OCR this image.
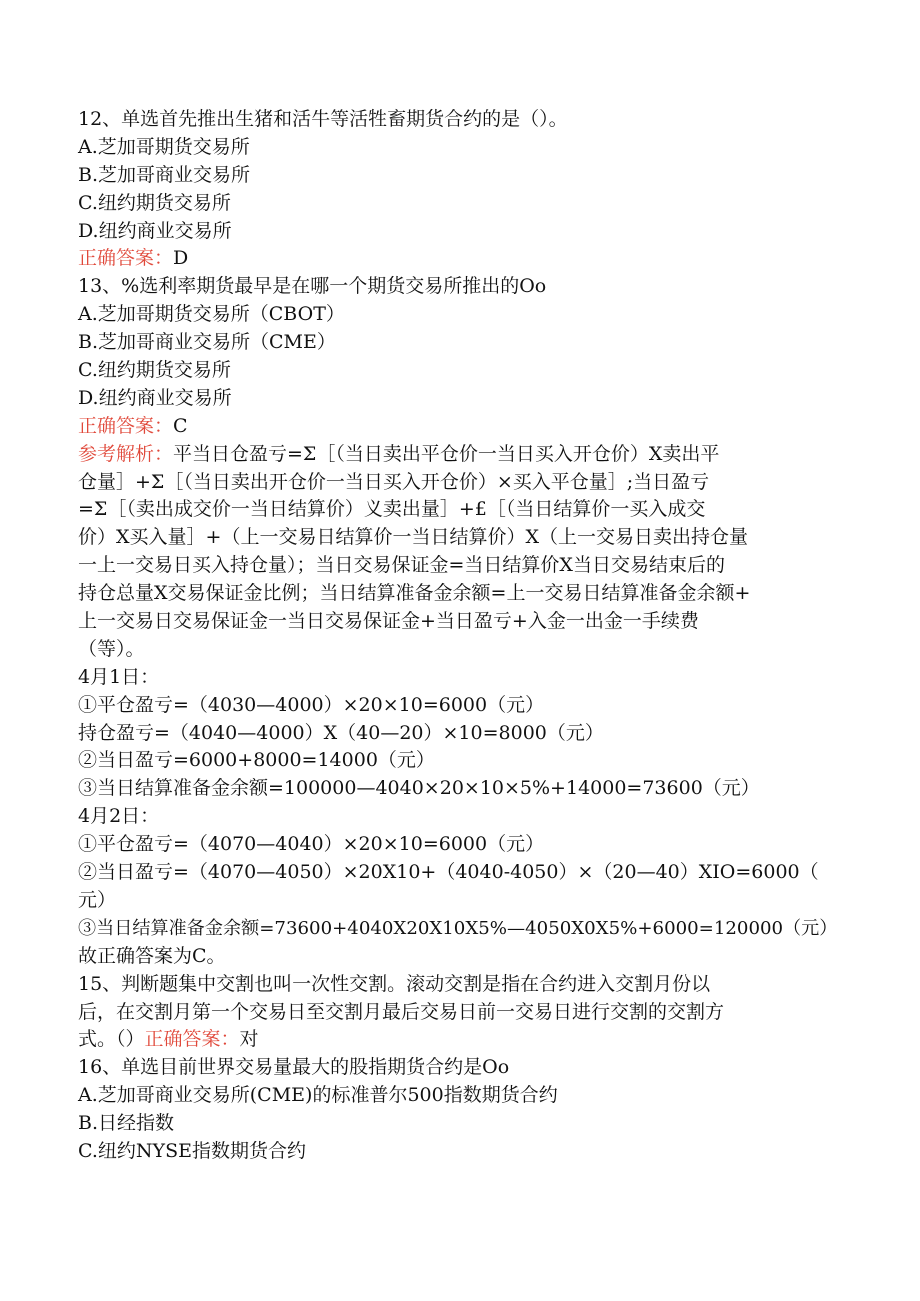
12、单选首先推出生猪和活牛等活牲畜期货合约的是（）。
A.芝加哥期货交易所
B.芝加哥商业交易所
C.纽约期货交易所
D.纽约商业交易所
正确答案：D
13、%选利率期货最早是在哪一个期货交易所推出的Oo
A.芝加哥期货交易所（CBOT）
B.芝加哥商业交易所（CME）
C.纽约期货交易所
D.纽约商业交易所
正确答案：C
参考解析：平当日仓盈亏=Σ［（当日卖出平仓价一当日买入开仓价）X卖出平
仓量］+Σ［（当日卖出开仓价一当日买入开仓价）×买入平仓量］;当日盈亏
=Σ［（卖出成交价一当日结算价）义卖出量］+£［（当日结算价一买入成交
价）X买入量］+（上一交易日结算价一当日结算价）X（上一交易日卖出持仓量
一上一交易日买入持仓量）；当日交易保证金=当日结算价X当日交易结束后的
持仓总量X交易保证金比例；当日结算准备金余额=上一交易日结算准备金余额+
上一交易日交易保证金一当日交易保证金+当日盈亏+入金一出金一手续费
（等）。
4月1日：
①平仓盈亏=（4030—4000）×20×10=6000（元）
持仓盈亏=（4040—4000）X（40—20）×10=8000（元）
②当日盈亏=6000+8000=14000（元）
③当日结算准备金余额=100000—4040×20×10×5%+14000=73600（元）
4月2日：
①平仓盈亏=（4070—4040）×20×10=6000（元）
②当日盈亏=（4070—4050）×20X10+（4040-4050）×（20—40）XIO=6000（
元）
③当日结算准备金余额=73600+4040X20X10X5%—4050X0X5%+6000=120000（元）
故正确答案为C。
15、判断题集中交割也叫一次性交割。滚动交割是指在合约进入交割月份以
后，在交割月第一个交易日至交割月最后交易日前一交易日进行交割的交割方
式。（）正确答案：对
16、单选目前世界交易量最大的股指期货合约是Oo
A.芝加哥商业交易所(CME)的标准普尔500指数期货合约
B.日经指数
C.纽约NYSE指数期货合约
